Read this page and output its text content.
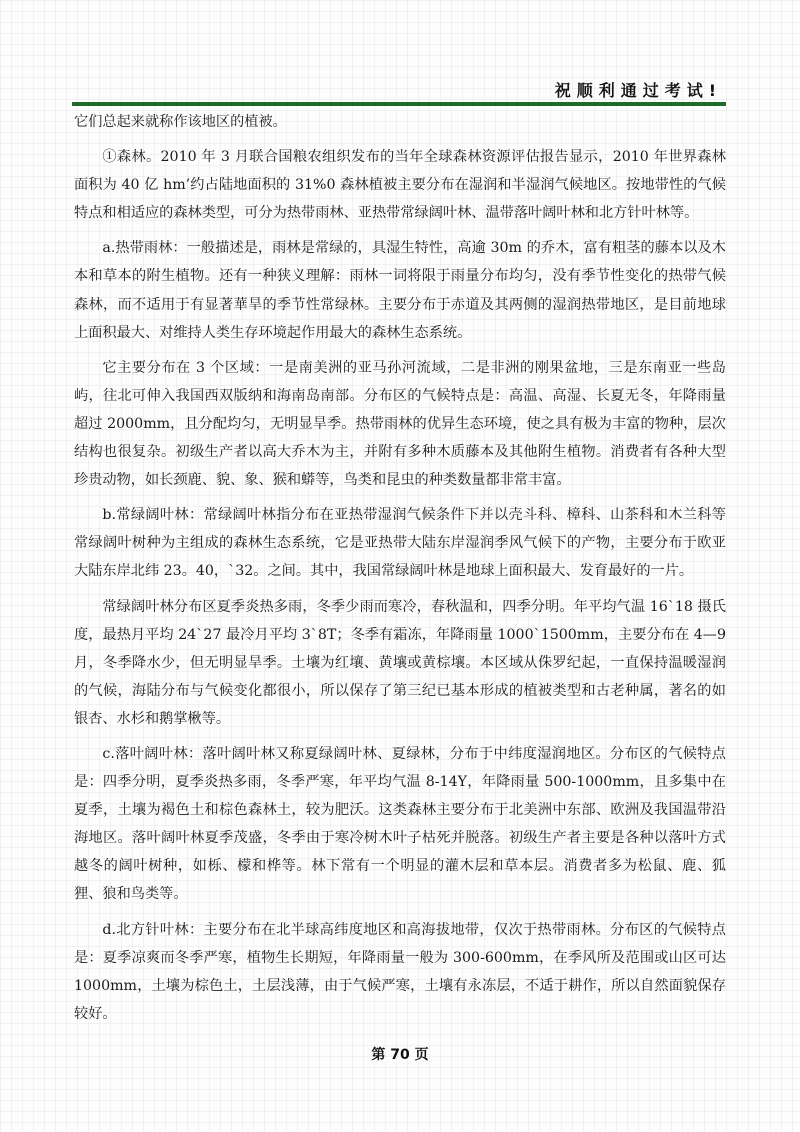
祝顺利通过考试!

它们总起来就称作该地区的植被。

①森林。2010 年 3 月联合国粮农组织发布的当年全球森林资源评估报告显示，2010 年世界森林面积为 40 亿 hm’约占陆地面积的 31%0 森林植被主要分布在湿润和半湿润气候地区。按地带性的气候特点和相适应的森林类型，可分为热带雨林、亚热带常绿阔叶林、温带落叶阔叶林和北方针叶林等。

a.热带雨林：一般描述是，雨林是常绿的，具湿生特性，高逾 30m 的乔木，富有粗茎的藤本以及木本和草本的附生植物。还有一种狭义理解：雨林一词将限于雨量分布均匀，没有季节性变化的热带气候森林，而不适用于有显著華旱的季节性常绿林。主要分布于赤道及其两侧的湿润热带地区，是目前地球上面积最大、对维持人类生存环境起作用最大的森林生态系统。

它主要分布在 3 个区域：一是南美洲的亚马孙河流域，二是非洲的刚果盆地，三是东南亚一些岛屿，往北可伸入我国西双版纳和海南岛南部。分布区的气候特点是：高温、高湿、长夏无冬，年降雨量超过 2000mm，且分配均匀，无明显旱季。热带雨林的优异生态环境，使之具有极为丰富的物种，层次结构也很复杂。初级生产者以高大乔木为主，并附有多种木质藤本及其他附生植物。消费者有各种大型珍贵动物，如长颈鹿、貌、象、猴和蟒等，鸟类和昆虫的种类数量都非常丰富。

b.常绿阔叶林：常绿阔叶林指分布在亚热带湿润气候条件下并以壳斗科、樟科、山茶科和木兰科等常绿阔叶树种为主组成的森林生态系统，它是亚热带大陆东岸湿润季风气候下的产物，主要分布于欧亚大陆东岸北纬 23。40，`32。之间。其中，我国常绿阔叶林是地球上面积最大、发育最好的一片。

常绿阔叶林分布区夏季炎热多雨，冬季少雨而寒冷，春秋温和，四季分明。年平均气温 16`18 摄氏度，最热月平均 24`27 最冷月平均 3`8T；冬季有霜冻，年降雨量 1000`1500mm，主要分布在 4—9 月，冬季降水少，但无明显旱季。土壤为红壤、黄壤或黄棕壤。本区域从侏罗纪起，一直保持温暖湿润的气候，海陆分布与气候变化都很小，所以保存了第三纪已基本形成的植被类型和古老种属，著名的如银杏、水杉和鹅掌楸等。

c.落叶阔叶林：落叶阔叶林又称夏绿阔叶林、夏绿林，分布于中纬度湿润地区。分布区的气候特点是：四季分明，夏季炎热多雨，冬季严寒，年平均气温 8-14Y，年降雨量 500-1000mm，且多集中在夏季，土壤为褐色土和棕色森林土，较为肥沃。这类森林主要分布于北美洲中东部、欧洲及我国温带沿海地区。落叶阔叶林夏季茂盛，冬季由于寒冷树木叶子枯死并脱落。初级生产者主要是各种以落叶方式越冬的阔叶树种，如栎、檬和桦等。林下常有一个明显的灌木层和草本层。消费者多为松鼠、鹿、狐狸、狼和鸟类等。

d.北方针叶林：主要分布在北半球高纬度地区和高海拔地带，仅次于热带雨林。分布区的气候特点是：夏季凉爽而冬季严寒，植物生长期短，年降雨量一般为 300-600mm，在季风所及范围或山区可达 1000mm，土壤为棕色土，土层浅薄，由于气候严寒，土壤有永冻层，不适于耕作，所以自然面貌保存较好。

第 70 页
